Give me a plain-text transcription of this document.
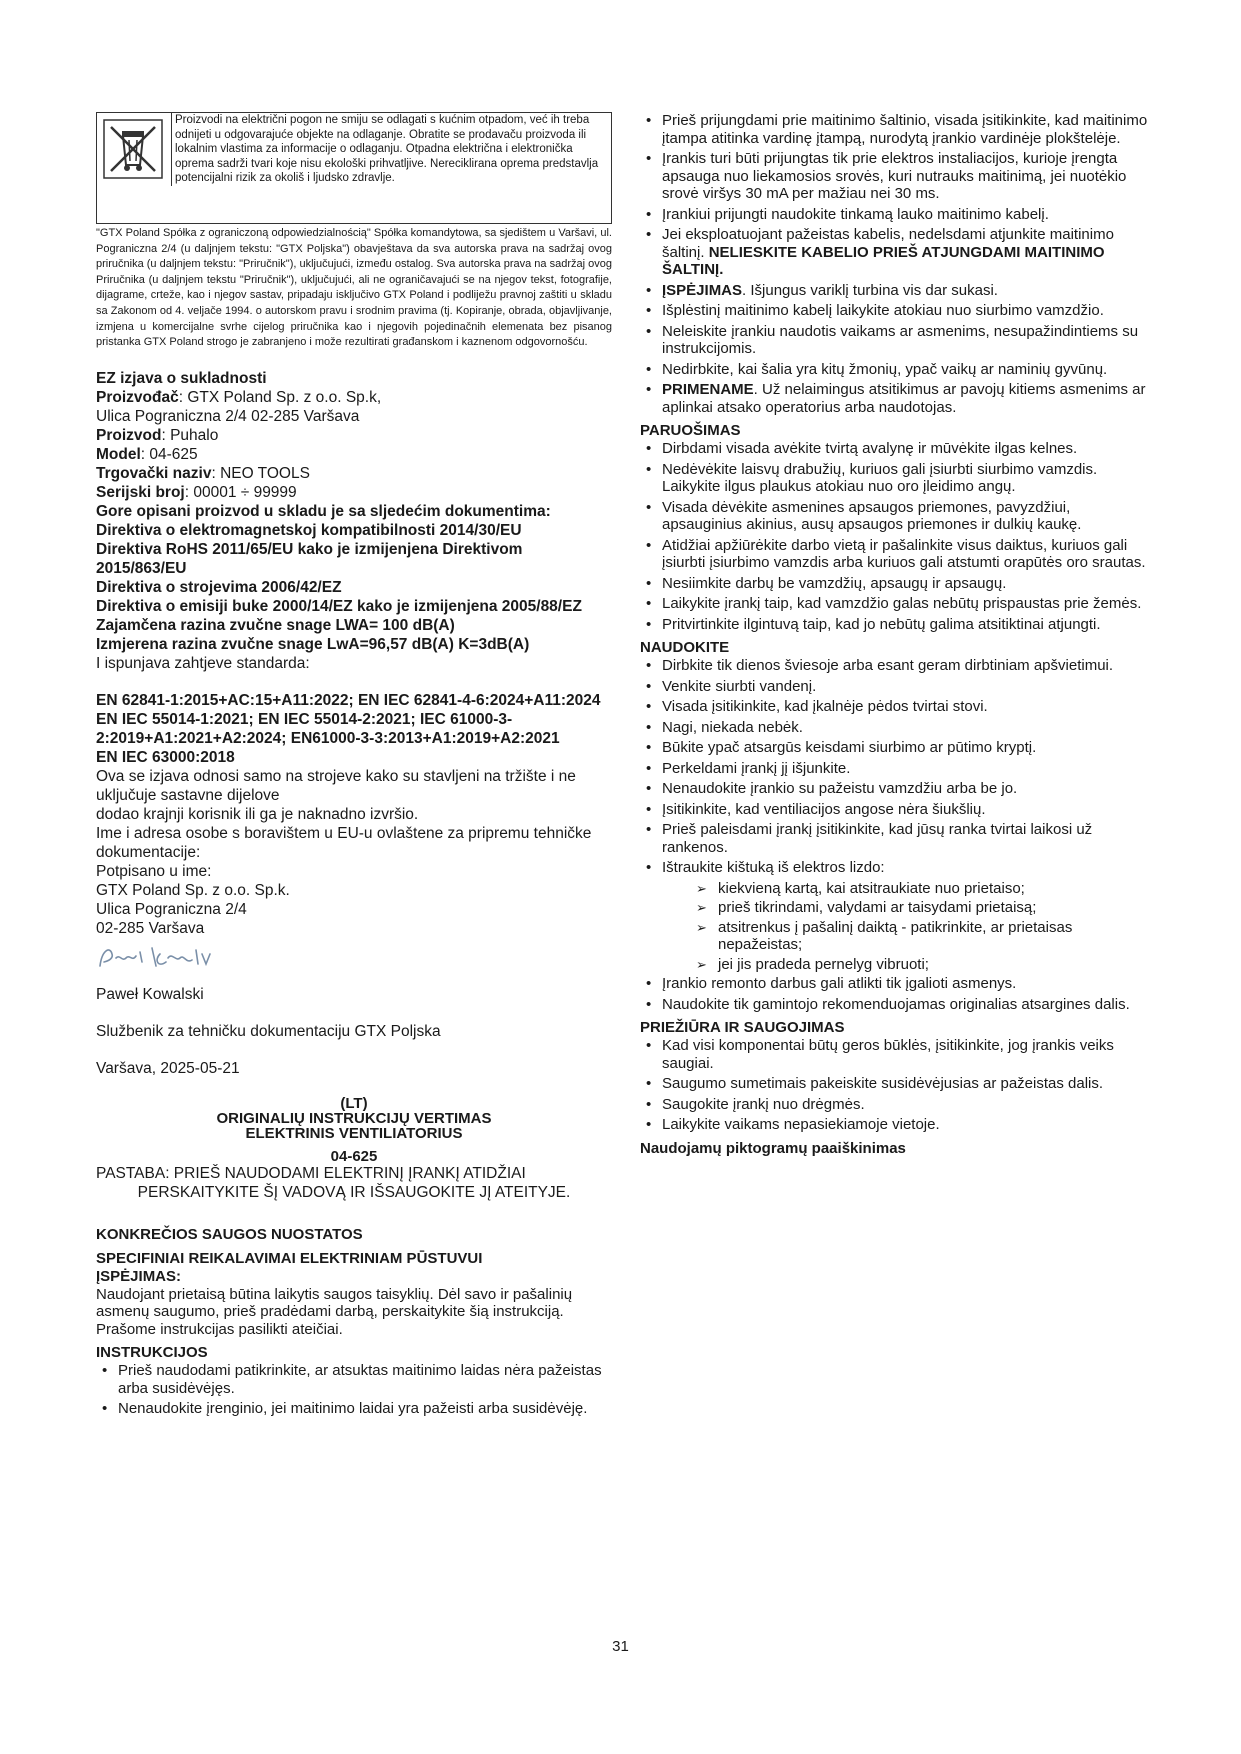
Proizvodi na električni pogon ne smiju se odlagati s kućnim otpadom, već ih treba odnijeti u odgovarajuće objekte na odlaganje. Obratite se prodavaču proizvoda ili lokalnim vlastima za informacije o odlaganju. Otpadna električna i elektronička oprema sadrži tvari koje nisu ekološki prihvatljive. Nereciklirana oprema predstavlja potencijalni rizik za okoliš i ljudsko zdravlje.
"GTX Poland Spółka z ograniczoną odpowiedzialnością" Spółka komandytowa, sa sjedištem u Varšavi, ul. Pograniczna 2/4 (u daljnjem tekstu: "GTX Poljska") obavještava da sva autorska prava na sadržaj ovog priručnika (u daljnjem tekstu: "Priručnik"), uključujući, između ostalog. Sva autorska prava na sadržaj ovog Priručnika (u daljnjem tekstu "Priručnik"), uključujući, ali ne ograničavajući se na njegov tekst, fotografije, dijagrame, crteže, kao i njegov sastav, pripadaju isključivo GTX Poland i podliježu pravnoj zaštiti u skladu sa Zakonom od 4. veljače 1994. o autorskom pravu i srodnim pravima (tj. Kopiranje, obrada, objavljivanje, izmjena u komercijalne svrhe cijelog priručnika kao i njegovih pojedinačnih elemenata bez pisanog pristanka GTX Poland strogo je zabranjeno i može rezultirati građanskom i kaznenom odgovornošću.
EZ izjava o sukladnosti
Proizvođač: GTX Poland Sp. z o.o. Sp.k,
Ulica Pograniczna 2/4 02-285 Varšava
Proizvod: Puhalo
Model: 04-625
Trgovački naziv: NEO TOOLS
Serijski broj: 00001 ÷ 99999
Gore opisani proizvod u skladu je sa sljedećim dokumentima:
Direktiva o elektromagnetskoj kompatibilnosti 2014/30/EU
Direktiva RoHS 2011/65/EU kako je izmijenjena Direktivom 2015/863/EU
Direktiva o strojevima 2006/42/EZ
Direktiva o emisiji buke 2000/14/EZ kako je izmijenjena 2005/88/EZ
Zajamčena razina zvučne snage LWA= 100 dB(A)
Izmjerena razina zvučne snage LwA=96,57 dB(A) K=3dB(A)
I ispunjava zahtjeve standarda:
EN 62841-1:2015+AC:15+A11:2022; EN IEC 62841-4-6:2024+A11:2024
EN IEC 55014-1:2021; EN IEC 55014-2:2021; IEC 61000-3-2:2019+A1:2021+A2:2024; EN61000-3-3:2013+A1:2019+A2:2021
EN IEC 63000:2018
Ova se izjava odnosi samo na strojeve kako su stavljeni na tržište i ne uključuje sastavne dijelove
dodao krajnji korisnik ili ga je naknadno izvršio.
Ime i adresa osobe s boravištem u EU-u ovlaštene za pripremu tehničke dokumentacije:
Potpisano u ime:
GTX Poland Sp. z o.o. Sp.k.
Ulica Pograniczna 2/4
02-285 Varšava
Paweł Kowalski
Službenik za tehničku dokumentaciju GTX Poljska
Varšava, 2025-05-21
(LT)
ORIGINALIŲ INSTRUKCIJŲ VERTIMAS
ELEKTRINIS VENTILIATORIUS
04-625
PASTABA: PRIEŠ NAUDODAMI ELEKTRINĮ ĮRANKĮ ATIDŽIAI
PERSKAITYKITE ŠĮ VADOVĄ IR IŠSAUGOKITE JĮ ATEITYJE.
KONKREČIOS SAUGOS NUOSTATOS
SPECIFINIAI REIKALAVIMAI ELEKTRINIAM PŪSTUVUI
ĮSPĖJIMAS:
Naudojant prietaisą būtina laikytis saugos taisyklių. Dėl savo ir pašalinių asmenų saugumo, prieš pradėdami darbą, perskaitykite šią instrukciją. Prašome instrukcijas pasilikti ateičiai.
INSTRUKCIJOS
• Prieš naudodami patikrinkite, ar atsuktas maitinimo laidas nėra pažeistas arba susidėvėjęs.
• Nenaudokite įrenginio, jei maitinimo laidai yra pažeisti arba susidėvėję.
• Prieš prijungdami prie maitinimo šaltinio, visada įsitikinkite, kad maitinimo įtampa atitinka vardinę įtampą, nurodytą įrankio vardinėje plokštelėje.
• Įrankis turi būti prijungtas tik prie elektros instaliacijos, kurioje įrengta apsauga nuo liekamosios srovės, kuri nutrauks maitinimą, jei nuotėkio srovė viršys 30 mA per mažiau nei 30 ms.
• Įrankiui prijungti naudokite tinkamą lauko maitinimo kabelį.
• Jei eksploatuojant pažeistas kabelis, nedelsdami atjunkite maitinimo šaltinį. NELIESKITE KABELIO PRIEŠ ATJUNGDAMI MAITINIMO ŠALTINĮ.
• ĮSPĖJIMAS. Išjungus variklį turbina vis dar sukasi.
• Išplėstinį maitinimo kabelį laikykite atokiau nuo siurbimo vamzdžio.
• Neleiskite įrankiu naudotis vaikams ar asmenims, nesupažindintiems su instrukcijomis.
• Nedirbkite, kai šalia yra kitų žmonių, ypač vaikų ar naminių gyvūnų.
• PRIMENAME. Už nelaimingus atsitikimus ar pavojų kitiems asmenims ar aplinkai atsako operatorius arba naudotojas.
PARUOŠIMAS
• Dirbdami visada avėkite tvirtą avalynę ir mūvėkite ilgas kelnes.
• Nedėvėkite laisvų drabužių, kuriuos gali įsiurbti siurbimo vamzdis. Laikykite ilgus plaukus atokiau nuo oro įleidimo angų.
• Visada dėvėkite asmenines apsaugos priemones, pavyzdžiui, apsauginius akinius, ausų apsaugos priemones ir dulkių kaukę.
• Atidžiai apžiūrėkite darbo vietą ir pašalinkite visus daiktus, kuriuos gali įsiurbti įsiurbimo vamzdis arba kuriuos gali atstumti orapūtės oro srautas.
• Nesiimkite darbų be vamzdžių, apsaugų ir apsaugų.
• Laikykite įrankį taip, kad vamzdžio galas nebūtų prispaustas prie žemės.
• Pritvirtinkite ilgintuvą taip, kad jo nebūtų galima atsitiktinai atjungti.
NAUDOKITE
• Dirbkite tik dienos šviesoje arba esant geram dirbtiniam apšvietimui.
• Venkite siurbti vandenį.
• Visada įsitikinkite, kad įkalnėje pėdos tvirtai stovi.
• Nagi, niekada nebėk.
• Būkite ypač atsargūs keisdami siurbimo ar pūtimo kryptį.
• Perkeldami įrankį jį išjunkite.
• Nenaudokite įrankio su pažeistu vamzdžiu arba be jo.
• Įsitikinkite, kad ventiliacijos angose nėra šiukšlių.
• Prieš paleisdami įrankį įsitikinkite, kad jūsų ranka tvirtai laikosi už rankenos.
• Ištraukite kištuką iš elektros lizdo:
➢ kiekvieną kartą, kai atsitraukiate nuo prietaiso;
➢ prieš tikrindami, valydami ar taisydami prietaisą;
➢ atsitrenkus į pašalinį daiktą - patikrinkite, ar prietaisas nepažeistas;
➢ jei jis pradeda pernelyg vibruoti;
• Įrankio remonto darbus gali atlikti tik įgalioti asmenys.
• Naudokite tik gamintojo rekomenduojamas originalias atsargines dalis.
PRIEŽIŪRA IR SAUGOJIMAS
• Kad visi komponentai būtų geros būklės, įsitikinkite, jog įrankis veiks saugiai.
• Saugumo sumetimais pakeiskite susidėvėjusias ar pažeistas dalis.
• Saugokite įrankį nuo drėgmės.
• Laikykite vaikams nepasiekiamoje vietoje.
Naudojamų piktogramų paaiškinimas
31
